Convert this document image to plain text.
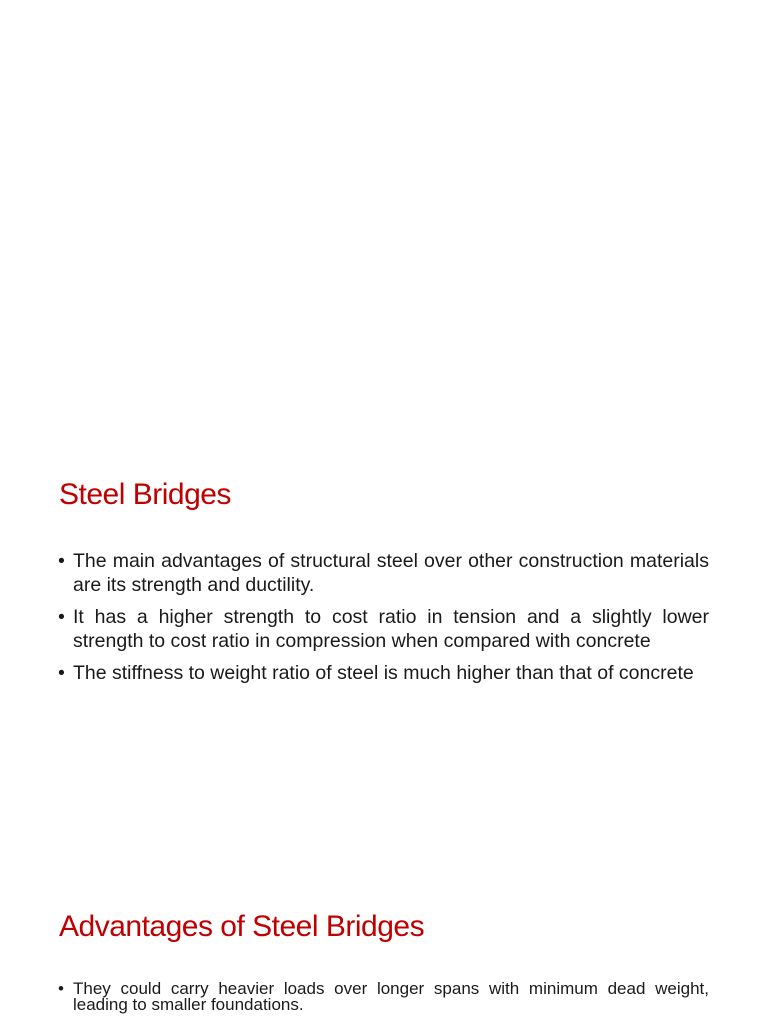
Steel Bridges
• The main advantages of structural steel over other construction materials are its strength and ductility.
• It has a higher strength to cost ratio in tension and a slightly lower strength to cost ratio in compression when compared with concrete
• The stiffness to weight ratio of steel is much higher than that of concrete
Advantages of Steel Bridges
• They could carry heavier loads over longer spans with minimum dead weight, leading to smaller foundations.
